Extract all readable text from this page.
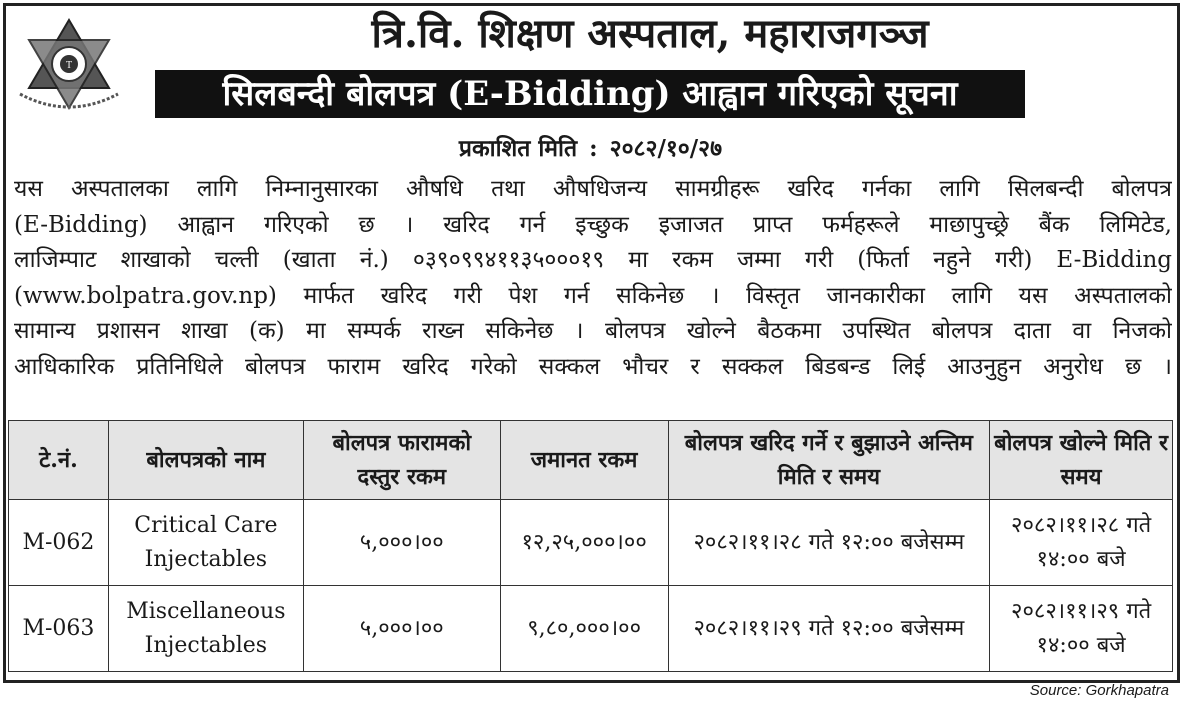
T
त्रि.वि. शिक्षण अस्पताल, महाराजगञ्ज
सिलबन्दी बोलपत्र (E-Bidding) आह्वान गरिएको सूचना
प्रकाशित मिति : २०८२/१०/२७
यस अस्पतालका लागि निम्नानुसारका औषधि तथा औषधिजन्य सामग्रीहरू खरिद गर्नका लागि सिलबन्दी बोलपत्र
(E-Bidding) आह्वान गरिएको छ । खरिद गर्न इच्छुक इजाजत प्राप्त फर्महरूले माछापुच्छ्रे बैंक लिमिटेड,
लाजिम्पाट शाखाको चल्ती (खाता नं.) ०३९०९९४११३५०००१९ मा रकम जम्मा गरी (फिर्ता नहुने गरी) E-Bidding
(www.bolpatra.gov.np) मार्फत खरिद गरी पेश गर्न सकिनेछ । विस्तृत जानकारीका लागि यस अस्पतालको
सामान्य प्रशासन शाखा (क) मा सम्पर्क राख्न सकिनेछ । बोलपत्र खोल्ने बैठकमा उपस्थित बोलपत्र दाता वा निजको
आधिकारिक प्रतिनिधिले बोलपत्र फाराम खरिद गरेको सक्कल भौचर र सक्कल बिडबन्ड लिई आउनुहुन अनुरोध छ ।
टे.नं.	बोलपत्रको नाम	बोलपत्र फारामको दस्तुर रकम	जमानत रकम	बोलपत्र खरिद गर्ने र बुझाउने अन्तिम मिति र समय	बोलपत्र खोल्ने मिति र समय
M-062	Critical Care Injectables	५,०००।००	१२,२५,०००।००	२०८२।११।२८ गते १२:०० बजेसम्म	२०८२।११।२८ गते १४:०० बजे
M-063	Miscellaneous Injectables	५,०००।००	९,८०,०००।००	२०८२।११।२९ गते १२:०० बजेसम्म	२०८२।११।२९ गते १४:०० बजे
Source: Gorkhapatra
